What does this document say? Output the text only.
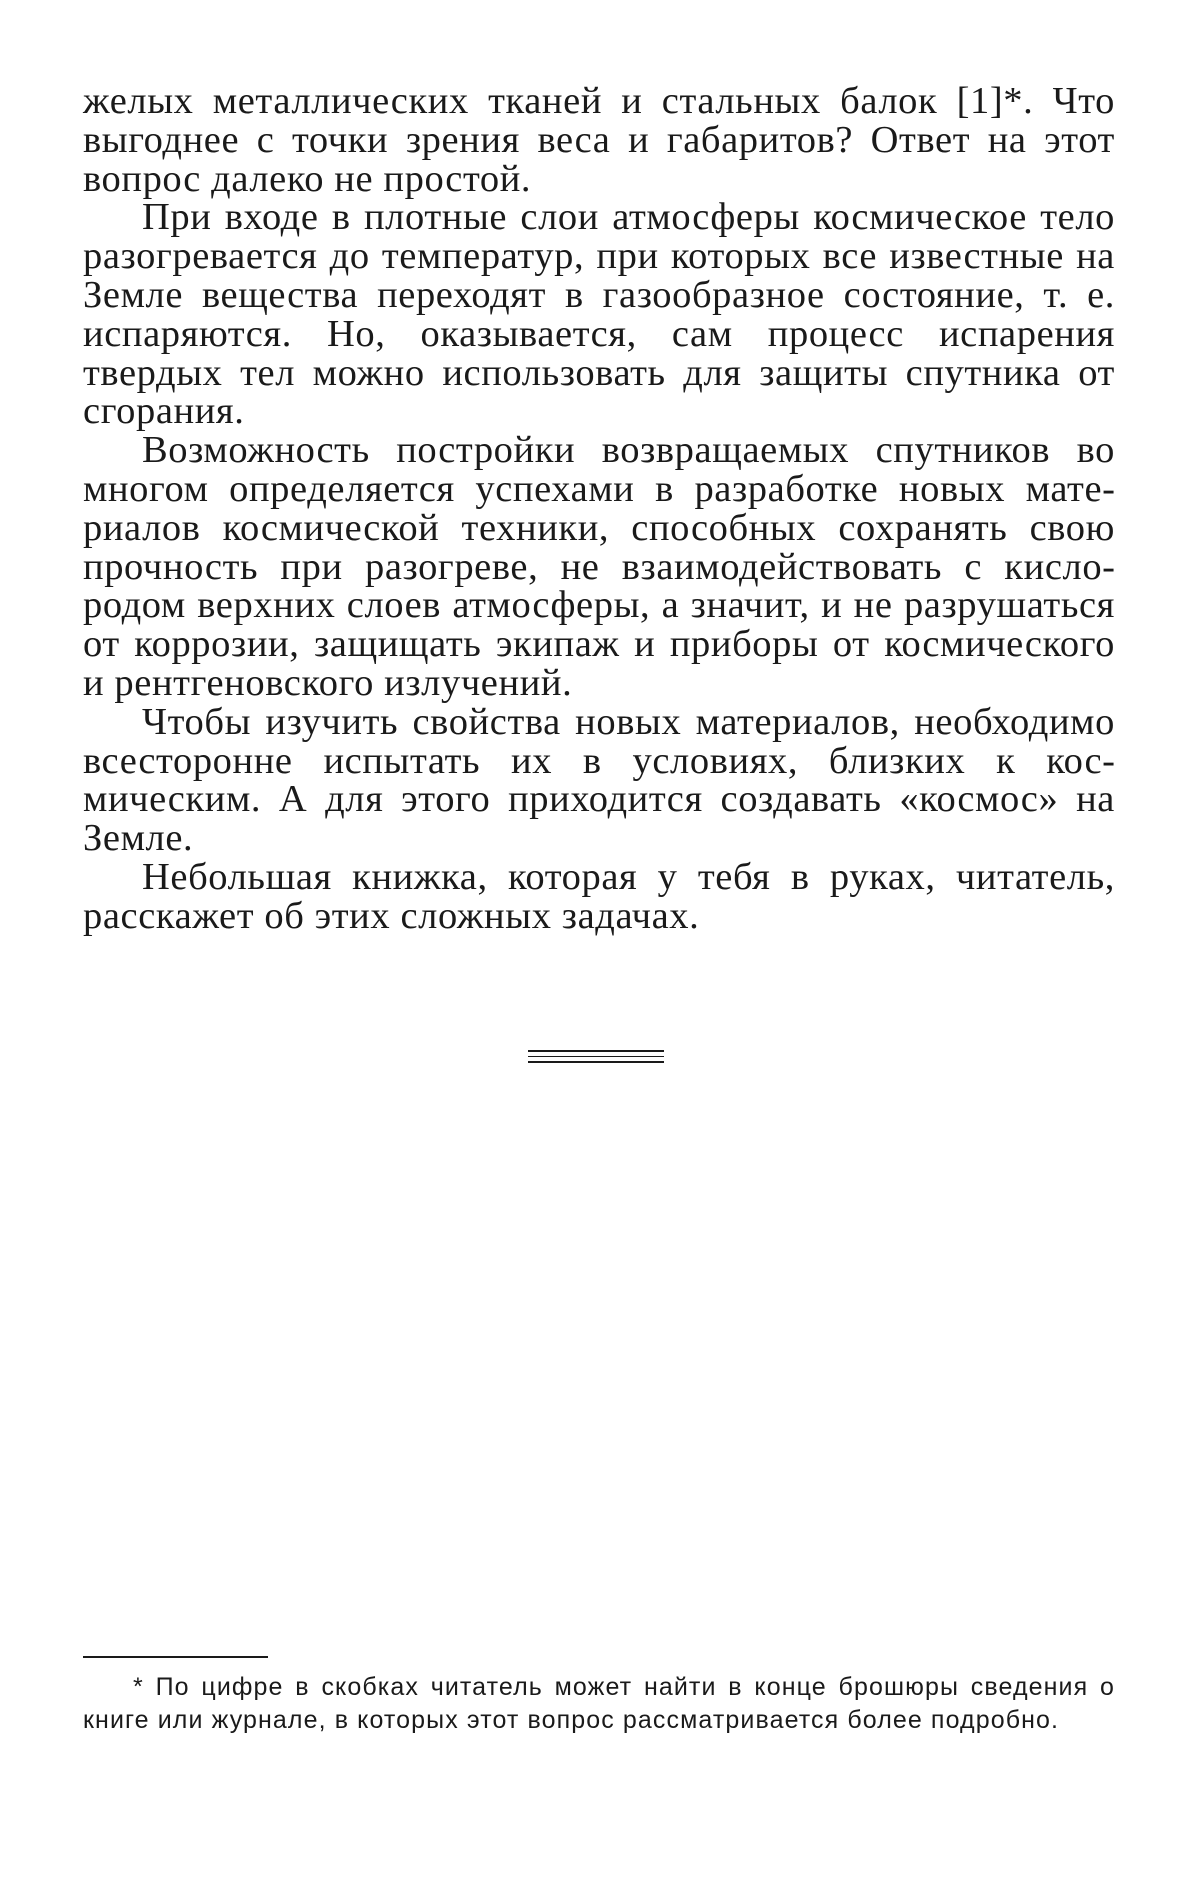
желых металлических тканей и стальных балок [1]*. Что выгоднее с точки зрения веса и габаритов? Ответ на этот вопрос далеко не простой.

При входе в плотные слои атмосферы космическое тело разогревается до температур, при которых все известные на Земле вещества переходят в газообразное состояние, т. е. испаряются. Но, оказывается, сам процесс испарения твердых тел можно использовать для защиты спутника от сгорания.

Возможность постройки возвращаемых спутников во многом определяется успехами в разработке новых материалов космической техники, способных сохранять свою прочность при разогреве, не взаимодействовать с кислородом верхних слоев атмосферы, а значит, и не разрушаться от коррозии, защищать экипаж и приборы от космического и рентгеновского излучений.

Чтобы изучить свойства новых материалов, необходимо всесторонне испытать их в условиях, близких к космическим. А для этого приходится создавать «космос» на Земле.

Небольшая книжка, которая у тебя в руках, читатель, расскажет об этих сложных задачах.

* По цифре в скобках читатель может найти в конце брошюры сведения о книге или журнале, в которых этот вопрос рассматривается более подробно.
